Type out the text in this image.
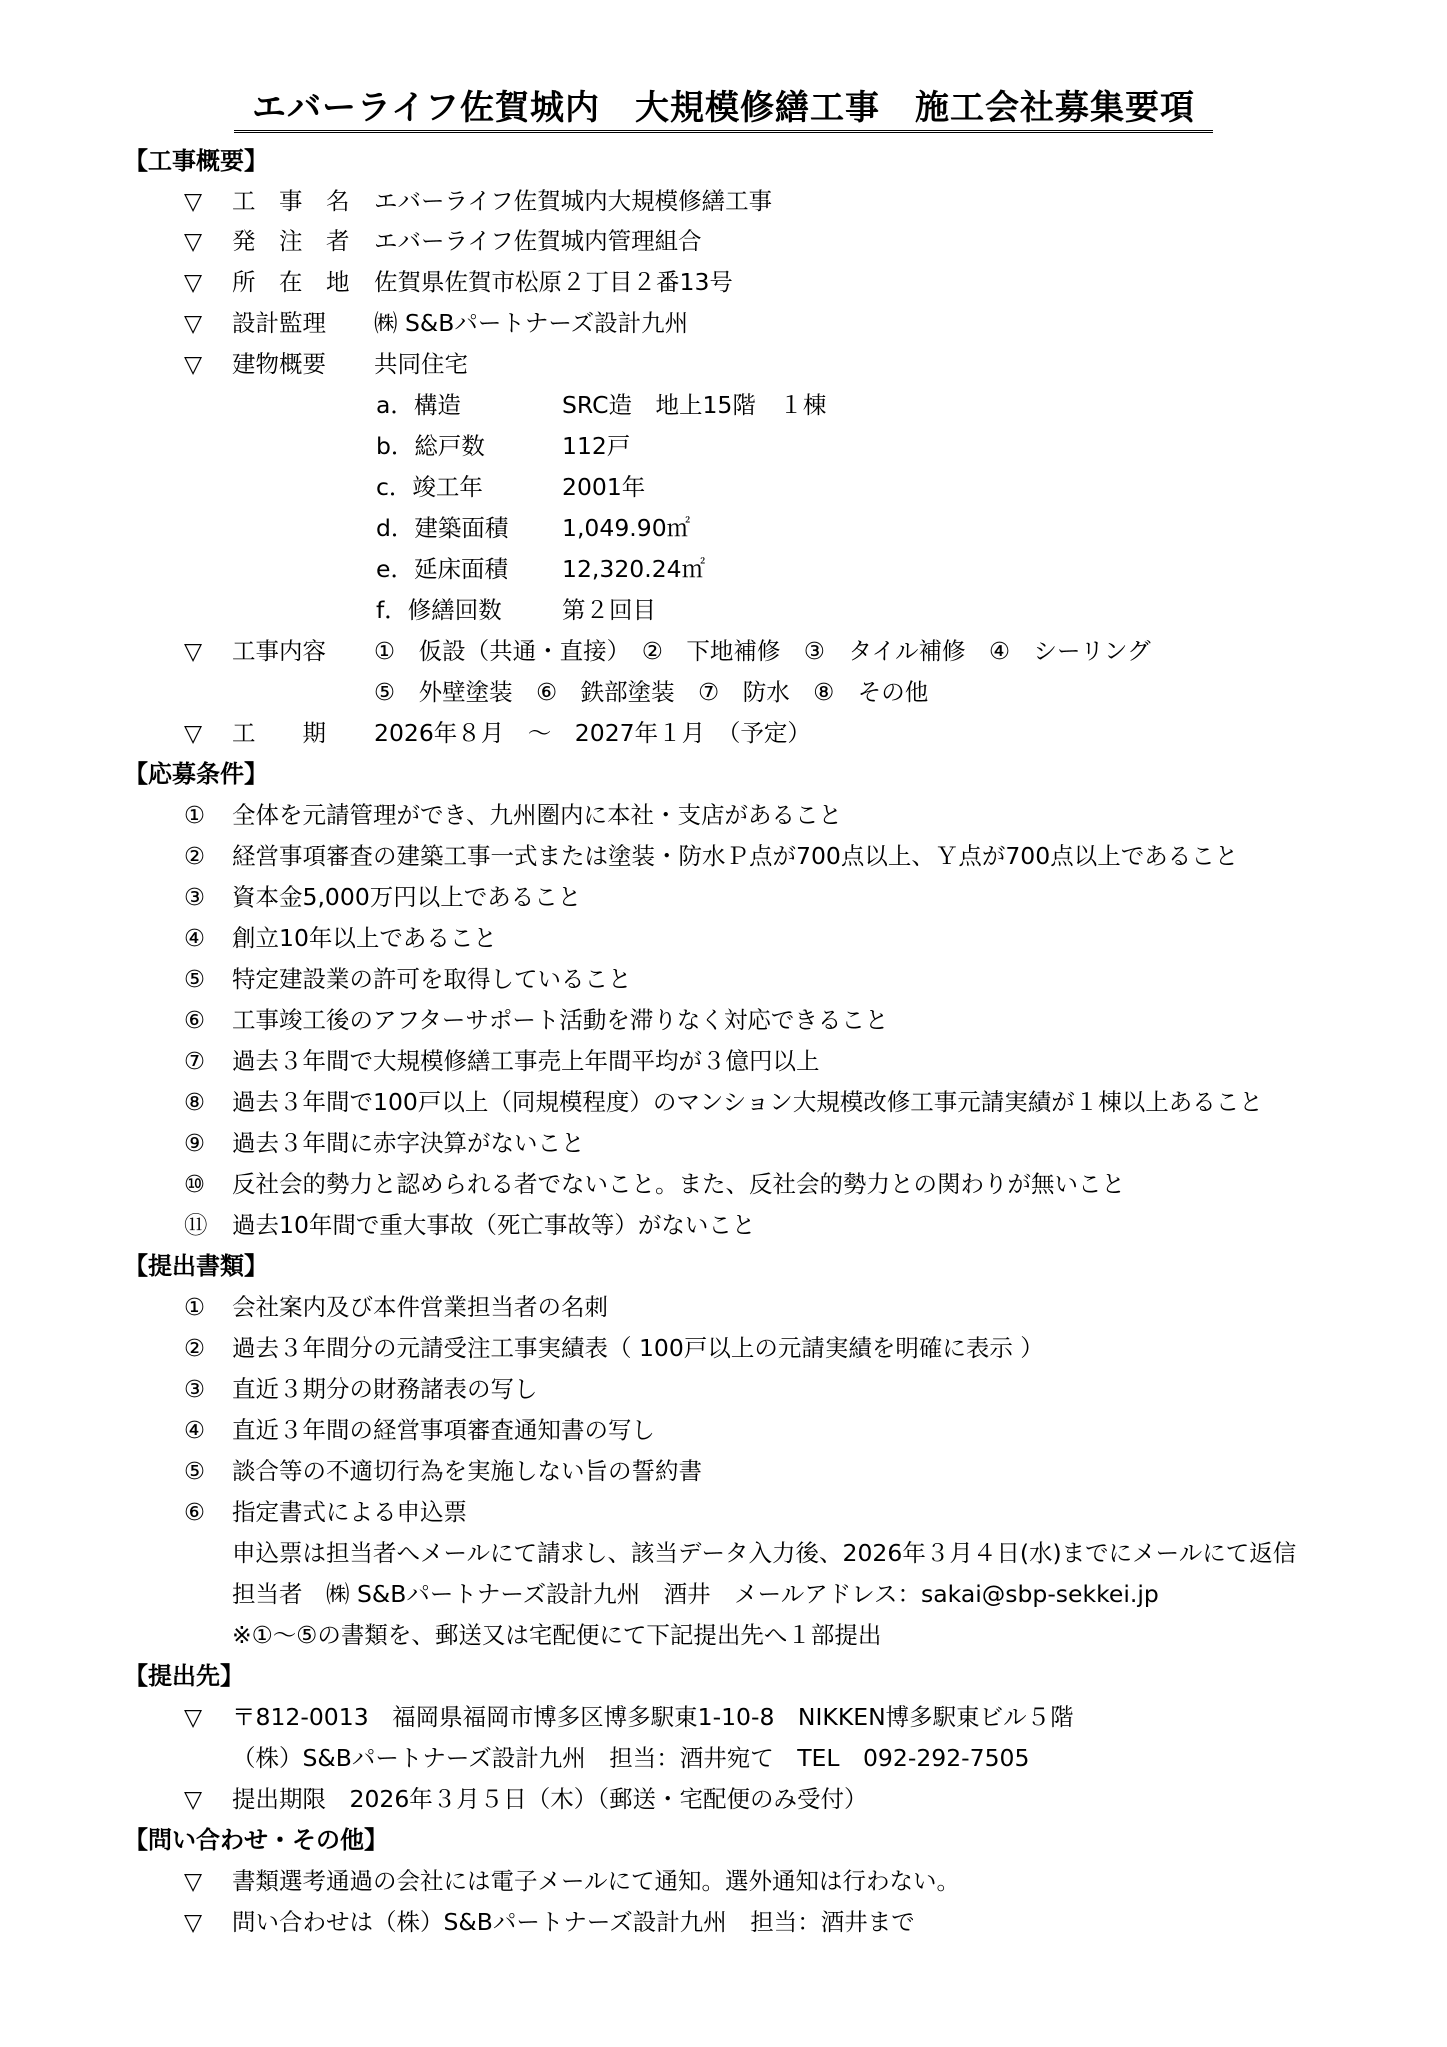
エバーライフ佐賀城内　大規模修繕工事　施工会社募集要項
【工事概要】
▽ 工　事　名 エバーライフ佐賀城内大規模修繕工事
▽ 発　注　者 エバーライフ佐賀城内管理組合
▽ 所　在　地 佐賀県佐賀市松原２丁目２番13号
▽ 設計監理 ㈱ S&Bパートナーズ設計九州
▽ 建物概要 共同住宅
a．構造	SRC造　地上15階　１棟
b．総戸数	112戸
c．竣工年	2001年
d．建築面積 1,049.90㎡
e．延床面積 12,320.24㎡
f．修繕回数	第２回目
▽ 工事内容 ①　仮設（共通・直接）　②　下地補修　③　タイル補修　④　シーリング
⑤　外壁塗装　⑥　鉄部塗装　⑦　防水　⑧　その他
▽ 工　　期 2026年８月　～　2027年１月　（予定）
【応募条件】
① 全体を元請管理ができ、九州圏内に本社・支店があること
② 経営事項審査の建築工事一式または塗装・防水Ｐ点が700点以上、Ｙ点が700点以上であること
③ 資本金5,000万円以上であること
④ 創立10年以上であること
⑤ 特定建設業の許可を取得していること
⑥ 工事竣工後のアフターサポート活動を滞りなく対応できること
⑦ 過去３年間で大規模修繕工事売上年間平均が３億円以上
⑧ 過去３年間で100戸以上（同規模程度）のマンション大規模改修工事元請実績が１棟以上あること
⑨ 過去３年間に赤字決算がないこと
⑩ 反社会的勢力と認められる者でないこと。また、反社会的勢力との関わりが無いこと
⑪ 過去10年間で重大事故（死亡事故等）がないこと
【提出書類】
① 会社案内及び本件営業担当者の名刺
② 過去３年間分の元請受注工事実績表（ 100戸以上の元請実績を明確に表示 ）
③ 直近３期分の財務諸表の写し
④ 直近３年間の経営事項審査通知書の写し
⑤ 談合等の不適切行為を実施しない旨の誓約書
⑥ 指定書式による申込票
申込票は担当者へメールにて請求し、該当データ入力後、2026年３月４日(水)までにメールにて返信
担当者　㈱ S&Bパートナーズ設計九州　酒井　メールアドレス：sakai@sbp-sekkei.jp
※①～⑤の書類を、郵送又は宅配便にて下記提出先へ１部提出
【提出先】
▽ 〒812-0013　福岡県福岡市博多区博多駅東1-10-8　NIKKEN博多駅東ビル５階
（株）S&Bパートナーズ設計九州　担当：酒井宛て　TEL　092-292-7505
▽ 提出期限　2026年３月５日（木）（郵送・宅配便のみ受付）
【問い合わせ・その他】
▽ 書類選考通過の会社には電子メールにて通知。選外通知は行わない。
▽ 問い合わせは（株）S&Bパートナーズ設計九州　担当：酒井まで
